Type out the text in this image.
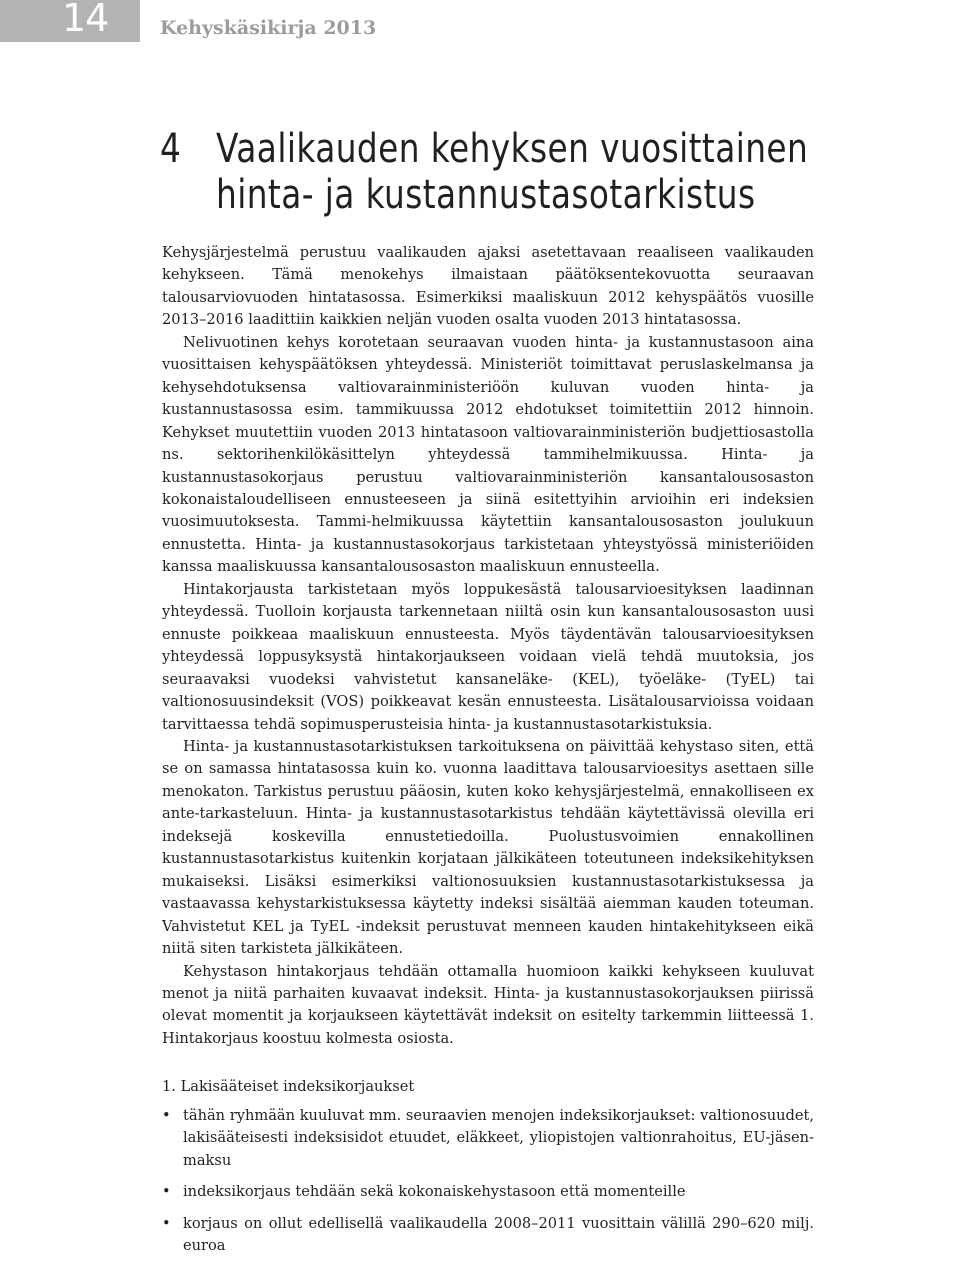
14	Kehyskäsikirja 2013
4 Vaalikauden kehyksen vuosittainen
hinta- ja kustannustasotarkistus

Kehysjärjestelmä perustuu vaalikauden ajaksi asetettavaan reaaliseen vaalikauden kehykseen. Tämä menokehys ilmaistaan päätöksentekovuotta seuraavan talousarviovuoden hintatasossa. Esimerkiksi maaliskuun 2012 kehyspäätös vuosille 2013–2016 laadittiin kaikkien neljän vuoden osalta vuoden 2013 hintatasossa.

Nelivuotinen kehys korotetaan seuraavan vuoden hinta- ja kustannustasoon aina vuosittaisen kehyspäätöksen yhteydessä. Ministeriöt toimittavat peruslaskelmansa ja kehysehdotuksensa valtiovarainministeriöön kuluvan vuoden hinta- ja kustannustasossa esim. tammikuussa 2012 ehdotukset toimitettiin 2012 hinnoin. Kehykset muutettiin vuoden 2013 hintatasoon valtiovarainministeriön budjettiosastolla ns. sektorihenkilökäsittelyn yhteydessä tammihelmikuussa. Hinta- ja kustannustasokorjaus perustuu valtiovarainministeriön kansantalousosaston kokonaistaloudelliseen ennusteeseen ja siinä esitettyihin arvioihin eri indeksien vuosimuutoksesta. Tammi-helmikuussa käytettiin kansantalousosaston joulukuun ennustetta. Hinta- ja kustannustasokorjaus tarkistetaan yhteystyössä ministeriöiden kanssa maaliskuussa kansantalousosaston maaliskuun ennusteella.

Hintakorjausta tarkistetaan myös loppukesästä talousarvioesityksen laadinnan yhteydessä. Tuolloin korjausta tarkennetaan niiltä osin kun kansantalousosaston uusi ennuste poikkeaa maaliskuun ennusteesta. Myös täydentävän talousarvioesityksen yhteydessä loppusyksystä hintakorjaukseen voidaan vielä tehdä muutoksia, jos seuraavaksi vuodeksi vahvistetut kansaneläke- (KEL), työeläke- (TyEL) tai valtionosuusindeksit (VOS) poikkeavat kesän ennusteesta. Lisätalousarvioissa voidaan tarvittaessa tehdä sopimusperusteisia hinta- ja kustannustasotarkistuksia.

Hinta- ja kustannustasotarkistuksen tarkoituksena on päivittää kehystaso siten, että se on samassa hintatasossa kuin ko. vuonna laadittava talousarvioesitys asettaen sille menokaton. Tarkistus perustuu pääosin, kuten koko kehysjärjestelmä, ennakolliseen ex ante-tarkasteluun. Hinta- ja kustannustasotarkistus tehdään käytettävissä olevilla eri indeksejä koskevilla ennustetiedoilla. Puolustusvoimien ennakollinen kustannustasotarkistus kuitenkin korjataan jälkikäteen toteutuneen indeksikehityksen mukaiseksi. Lisäksi esimerkiksi valtionosuuksien kustannustasotarkistuksessa ja vastaavassa kehystarkistuksessa käytetty indeksi sisältää aiemman kauden toteuman. Vahvistetut KEL ja TyEL -indeksit perustuvat menneen kauden hintakehitykseen eikä niitä siten tarkisteta jälkikäteen.

Kehystason hintakorjaus tehdään ottamalla huomioon kaikki kehykseen kuuluvat menot ja niitä parhaiten kuvaavat indeksit. Hinta- ja kustannustasokorjauksen piirissä olevat momentit ja korjaukseen käytettävät indeksit on esitelty tarkemmin liitteessä 1. Hintakorjaus koostuu kolmesta osiosta.

1. Lakisääteiset indeksikorjaukset

• tähän ryhmään kuuluvat mm. seuraavien menojen indeksikorjaukset: valtionosuudet, lakisääteisesti indeksisidot etuudet, eläkkeet, yliopistojen valtionrahoitus, EU-jäsenmaksu
• indeksikorjaus tehdään sekä kokonaiskehystasoon että momenteille
• korjaus on ollut edellisellä vaalikaudella 2008–2011 vuosittain välillä 290–620 milj. euroa
